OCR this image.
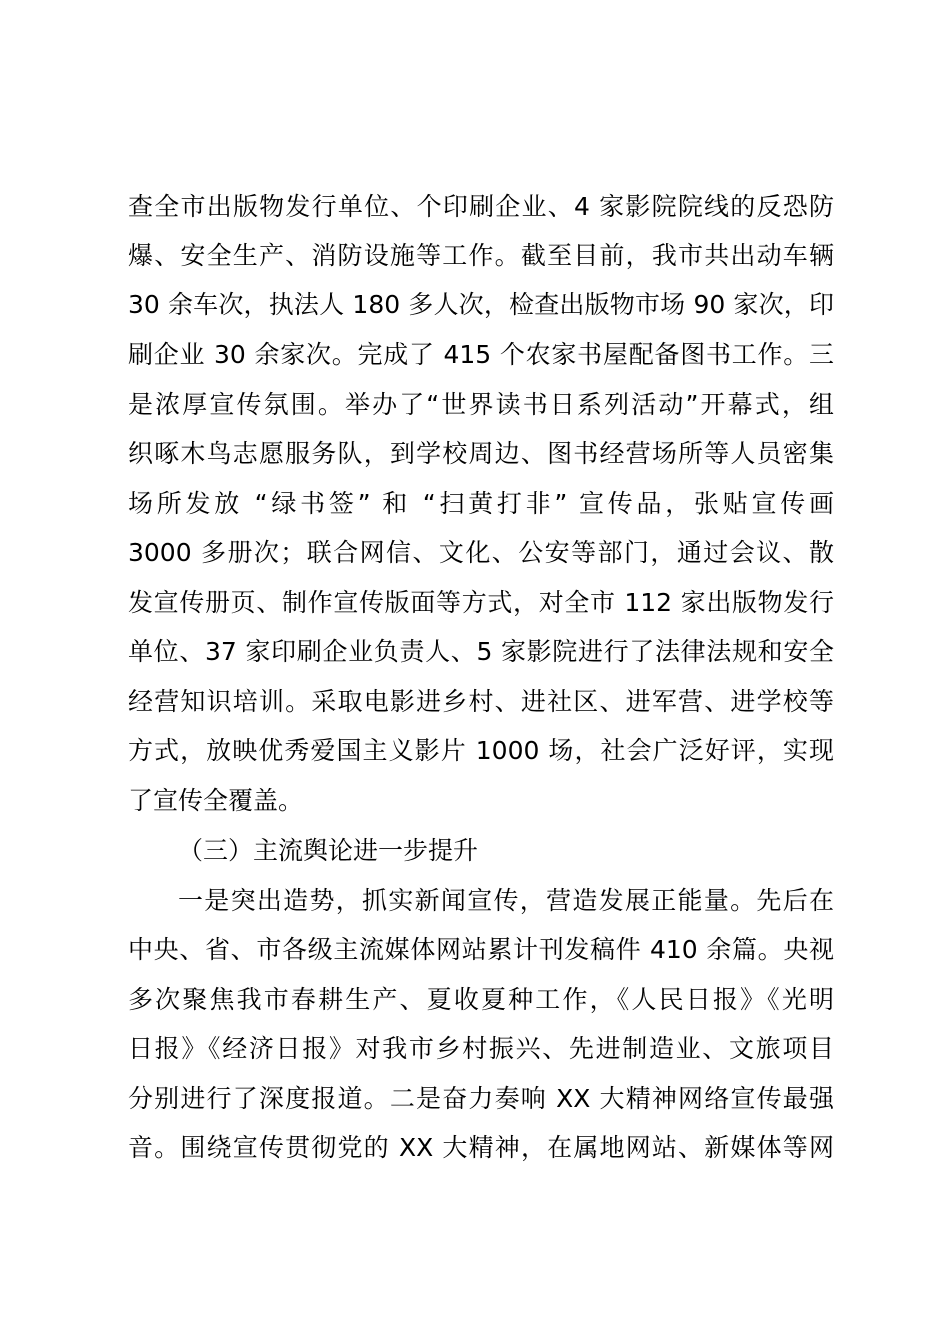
查全市出版物发行单位、个印刷企业、4 家影院院线的反恐防
爆、安全生产、消防设施等工作。截至目前，我市共出动车辆
30 余车次，执法人 180 多人次，检查出版物市场 90 家次，印
刷企业 30 余家次。完成了 415 个农家书屋配备图书工作。三
是浓厚宣传氛围。举办了“世界读书日系列活动”开幕式，组
织啄木鸟志愿服务队，到学校周边、图书经营场所等人员密集
场所发放 “绿书签” 和 “扫黄打非” 宣传品，张贴宣传画
3000 多册次；联合网信、文化、公安等部门，通过会议、散
发宣传册页、制作宣传版面等方式，对全市 112 家出版物发行
单位、37 家印刷企业负责人、5 家影院进行了法律法规和安全
经营知识培训。采取电影进乡村、进社区、进军营、进学校等
方式，放映优秀爱国主义影片 1000 场，社会广泛好评，实现
了宣传全覆盖。
（三）主流舆论进一步提升
一是突出造势，抓实新闻宣传，营造发展正能量。先后在
中央、省、市各级主流媒体网站累计刊发稿件 410 余篇。央视
多次聚焦我市春耕生产、夏收夏种工作，《人民日报》《光明
日报》《经济日报》对我市乡村振兴、先进制造业、文旅项目
分别进行了深度报道。二是奋力奏响 XX 大精神网络宣传最强
音。围绕宣传贯彻党的 XX 大精神，在属地网站、新媒体等网
